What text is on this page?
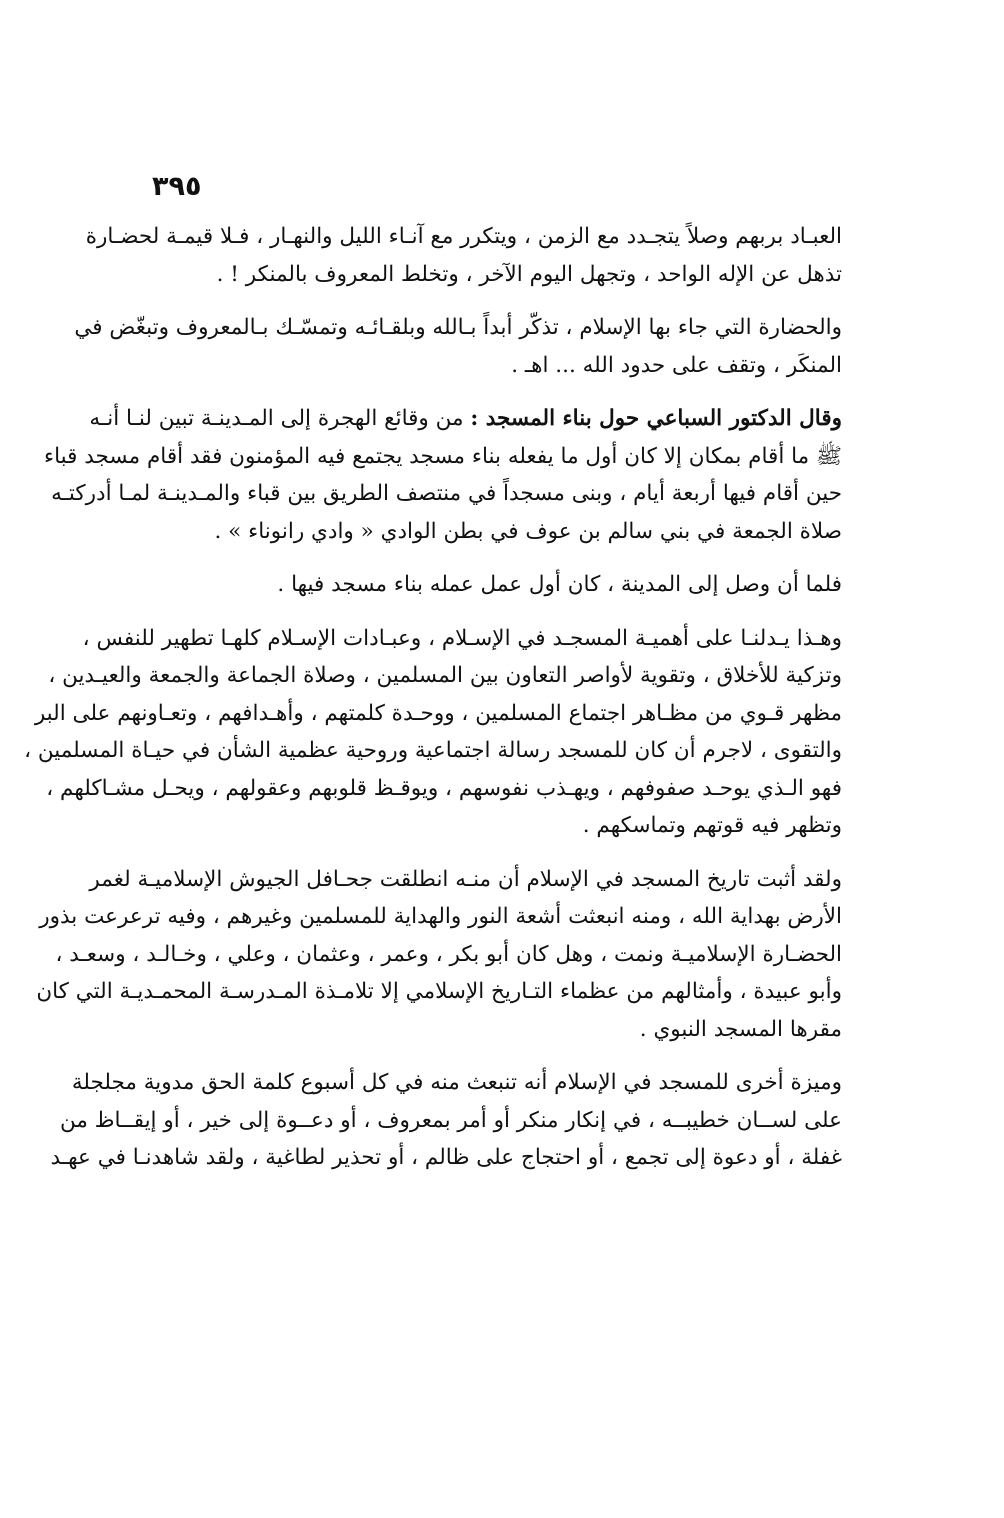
٣٩٥
العبـاد بربهم وصلاً يتجـدد مع الزمن ، ويتكرر مع آنـاء الليل والنهـار ، فـلا قيمـة لحضـارة
تذهل عن الإله الواحد ، وتجهل اليوم الآخر ، وتخلط المعروف بالمنكر ! .
والحضارة التي جاء بها الإسلام ، تذكّر أبداً بـالله وبلقـائـه وتمسّـك بـالمعروف وتبغّض في
المنكَر ، وتقف على حدود الله ... اهـ .
وقال الدكتور السباعي حول بناء المسجد : من وقائع الهجرة إلى المـدينـة تبين لنـا أنـه
ﷺ ما أقام بمكان إلا كان أول ما يفعله بناء مسجد يجتمع فيه المؤمنون فقد أقام مسجد قباء
حين أقام فيها أربعة أيام ، وبنى مسجداً في منتصف الطريق بين قباء والمـدينـة لمـا أدركتـه
صلاة الجمعة في بني سالم بن عوف في بطن الوادي « وادي رانوناء » .
فلما أن وصل إلى المدينة ، كان أول عمل عمله بناء مسجد فيها .
وهـذا يـدلنـا على أهميـة المسجـد في الإسـلام ، وعبـادات الإسـلام كلهـا تطهير للنفس ،
وتزكية للأخلاق ، وتقوية لأواصر التعاون بين المسلمين ، وصلاة الجماعة والجمعة والعيـدين ،
مظهر قـوي من مظـاهر اجتماع المسلمين ، ووحـدة كلمتهم ، وأهـدافهم ، وتعـاونهم على البر
والتقوى ، لاجرم أن كان للمسجد رسالة اجتماعية وروحية عظمية الشأن في حيـاة المسلمين ،
فهو الـذي يوحـد صفوفهم ، ويهـذب نفوسهم ، ويوقـظ قلوبهم وعقولهم ، ويحـل مشـاكلهم ،
وتظهر فيه قوتهم وتماسكهم .
ولقد أثبت تاريخ المسجد في الإسلام أن منـه انطلقت جحـافل الجيوش الإسلاميـة لغمر
الأرض بهداية الله ، ومنه انبعثت أشعة النور والهداية للمسلمين وغيرهم ، وفيه ترعرعت بذور
الحضـارة الإسلاميـة ونمت ، وهل كان أبو بكر ، وعمر ، وعثمان ، وعلي ، وخـالـد ، وسعـد ،
وأبو عبيدة ، وأمثالهم من عظماء التـاريخ الإسلامي إلا تلامـذة المـدرسـة المحمـديـة التي كان
مقرها المسجد النبوي .
وميزة أخرى للمسجد في الإسلام أنه تنبعث منه في كل أسبوع كلمة الحق مدوية مجلجلة
على لســان خطيبــه ، في إنكار منكر أو أمر بمعروف ، أو دعــوة إلى خير ، أو إيقــاظ من
غفلة ، أو دعوة إلى تجمع ، أو احتجاج على ظالم ، أو تحذير لطاغية ، ولقد شاهدنـا في عهـد
